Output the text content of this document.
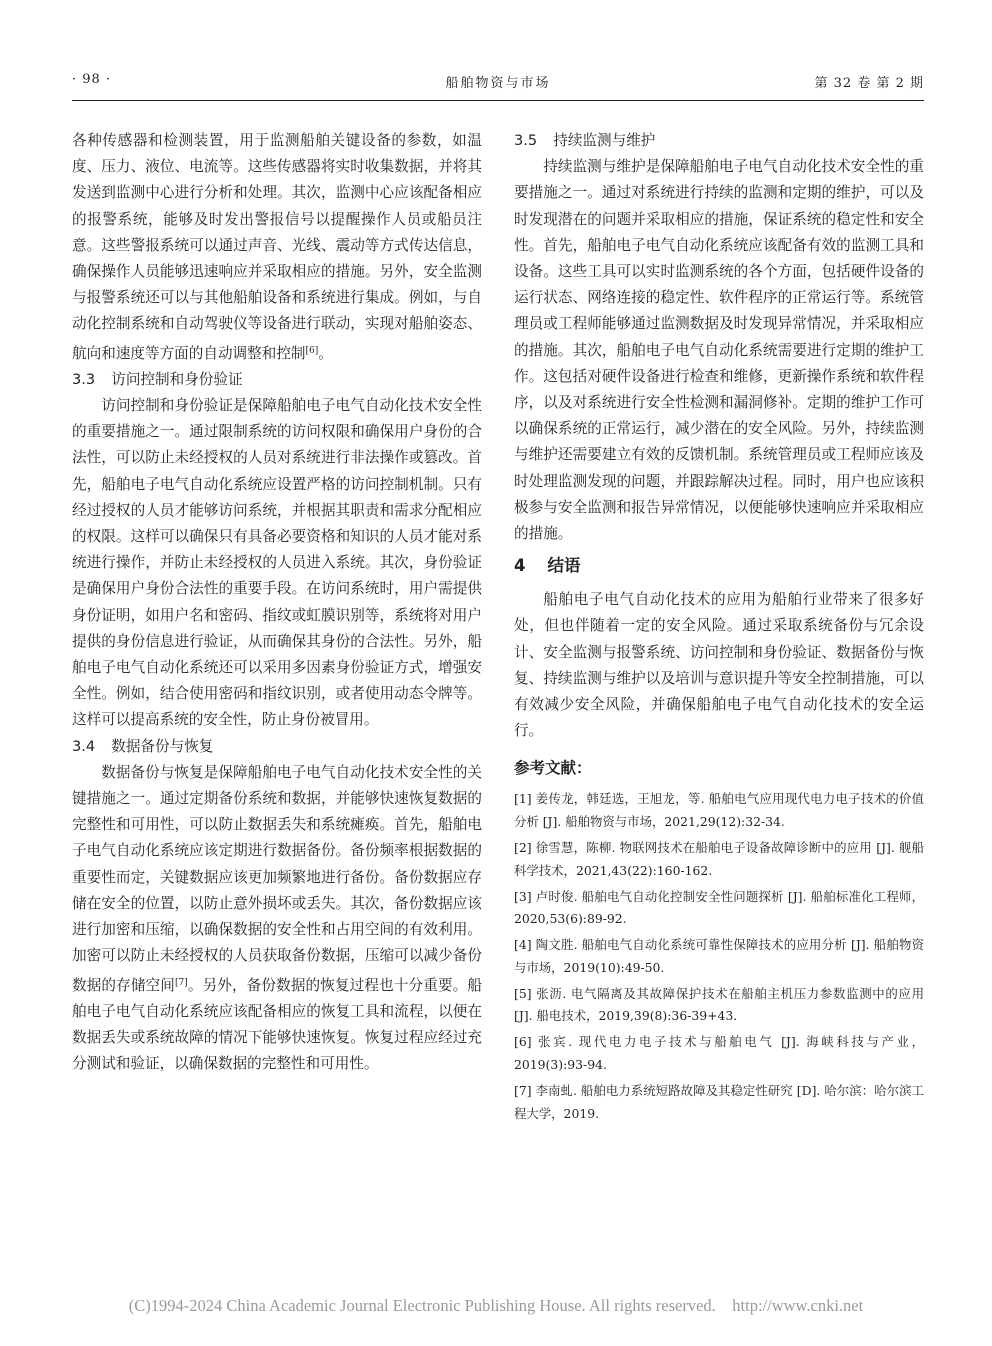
· 98 ·	船舶物资与市场	第 32 卷 第 2 期

各种传感器和检测装置，用于监测船舶关键设备的参数，如温度、压力、液位、电流等。这些传感器将实时收集数据，并将其发送到监测中心进行分析和处理。其次，监测中心应该配备相应的报警系统，能够及时发出警报信号以提醒操作人员或船员注意。这些警报系统可以通过声音、光线、震动等方式传达信息，确保操作人员能够迅速响应并采取相应的措施。另外，安全监测与报警系统还可以与其他船舶设备和系统进行集成。例如，与自动化控制系统和自动驾驶仪等设备进行联动，实现对船舶姿态、航向和速度等方面的自动调整和控制[6]。

3.3 访问控制和身份验证

访问控制和身份验证是保障船舶电子电气自动化技术安全性的重要措施之一。通过限制系统的访问权限和确保用户身份的合法性，可以防止未经授权的人员对系统进行非法操作或篡改。首先，船舶电子电气自动化系统应设置严格的访问控制机制。只有经过授权的人员才能够访问系统，并根据其职责和需求分配相应的权限。这样可以确保只有具备必要资格和知识的人员才能对系统进行操作，并防止未经授权的人员进入系统。其次，身份验证是确保用户身份合法性的重要手段。在访问系统时，用户需提供身份证明，如用户名和密码、指纹或虹膜识别等，系统将对用户提供的身份信息进行验证，从而确保其身份的合法性。另外，船舶电子电气自动化系统还可以采用多因素身份验证方式，增强安全性。例如，结合使用密码和指纹识别，或者使用动态令牌等。这样可以提高系统的安全性，防止身份被冒用。

3.4 数据备份与恢复

数据备份与恢复是保障船舶电子电气自动化技术安全性的关键措施之一。通过定期备份系统和数据，并能够快速恢复数据的完整性和可用性，可以防止数据丢失和系统瘫痪。首先，船舶电子电气自动化系统应该定期进行数据备份。备份频率根据数据的重要性而定，关键数据应该更加频繁地进行备份。备份数据应存储在安全的位置，以防止意外损坏或丢失。其次，备份数据应该进行加密和压缩，以确保数据的安全性和占用空间的有效利用。加密可以防止未经授权的人员获取备份数据，压缩可以减少备份数据的存储空间[7]。另外，备份数据的恢复过程也十分重要。船舶电子电气自动化系统应该配备相应的恢复工具和流程，以便在数据丢失或系统故障的情况下能够快速恢复。恢复过程应经过充分测试和验证，以确保数据的完整性和可用性。

3.5 持续监测与维护

持续监测与维护是保障船舶电子电气自动化技术安全性的重要措施之一。通过对系统进行持续的监测和定期的维护，可以及时发现潜在的问题并采取相应的措施，保证系统的稳定性和安全性。首先，船舶电子电气自动化系统应该配备有效的监测工具和设备。这些工具可以实时监测系统的各个方面，包括硬件设备的运行状态、网络连接的稳定性、软件程序的正常运行等。系统管理员或工程师能够通过监测数据及时发现异常情况，并采取相应的措施。其次，船舶电子电气自动化系统需要进行定期的维护工作。这包括对硬件设备进行检查和维修，更新操作系统和软件程序，以及对系统进行安全性检测和漏洞修补。定期的维护工作可以确保系统的正常运行，减少潜在的安全风险。另外，持续监测与维护还需要建立有效的反馈机制。系统管理员或工程师应该及时处理监测发现的问题，并跟踪解决过程。同时，用户也应该积极参与安全监测和报告异常情况，以便能够快速响应并采取相应的措施。

4 结语

船舶电子电气自动化技术的应用为船舶行业带来了很多好处，但也伴随着一定的安全风险。通过采取系统备份与冗余设计、安全监测与报警系统、访问控制和身份验证、数据备份与恢复、持续监测与维护以及培训与意识提升等安全控制措施，可以有效减少安全风险，并确保船舶电子电气自动化技术的安全运行。

参考文献：
[1] 姜传龙，韩廷选，王旭龙，等. 船舶电气应用现代电力电子技术的价值分析 [J]. 船舶物资与市场，2021,29(12):32-34.
[2] 徐雪慧，陈柳. 物联网技术在船舶电子设备故障诊断中的应用 [J]. 舰船科学技术，2021,43(22):160-162.
[3] 卢时俊. 船舶电气自动化控制安全性问题探析 [J]. 船舶标准化工程师，2020,53(6):89-92.
[4] 陶文胜. 船舶电气自动化系统可靠性保障技术的应用分析 [J]. 船舶物资与市场，2019(10):49-50.
[5] 张沥. 电气隔离及其故障保护技术在船舶主机压力参数监测中的应用 [J]. 船电技术，2019,39(8):36-39+43.
[6] 张宾. 现代电力电子技术与船舶电气 [J]. 海峡科技与产业，2019(3):93-94.
[7] 李南虬. 船舶电力系统短路故障及其稳定性研究 [D]. 哈尔滨：哈尔滨工程大学，2019.
(C)1994-2024 China Academic Journal Electronic Publishing House. All rights reserved. http://www.cnki.net
